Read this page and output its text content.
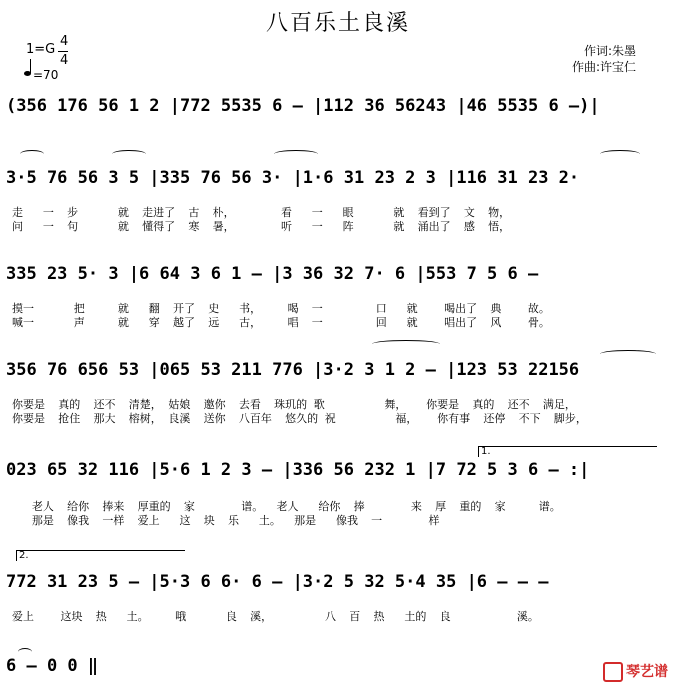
八百乐土良溪
1=G
4
4
=70
作词:朱墨
作曲:许宝仁
(356 176 56 1 2 |772 5535 6 – |112 36 56243 |46 5535 6 –)|
3·5 76 56 3 5 |335 76 56 3· |1·6 31 23 2 3 |116 31 23 2·
走   一  步      就  走进了  古  朴，       看   一   眼      就  看到了  文  物，
问   一  句      就  懂得了  寒  暑，       听   一   阵      就  涌出了  感  悟，
335 23 5· 3 |6 64 3 6 1 – |3 36 32 7· 6 |553 7 5 6 –
摸一      把     就   翻  开了  史   书，    喝  一        口   就    喝出了  典    故。
喊一      声     就   穿  越了  远   古，    唱  一        回   就    唱出了  风    骨。
356 76 656 53 |065 53 211 776 |3·2 3 1 2 – |123 53 22156
你要是  真的  还不  清楚， 姑娘  邀你  去看  珠玑的 歌         舞，   你要是  真的  还不  满足，
你要是  抢住  那大  榕树， 良溪  送你  八百年  悠久的 祝         福，   你有事  还停  不下  脚步，
1.
023 65 32 116 |5·6 1 2 3 – |336 56 232 1 |7 72 5 3 6 – :|
老人  给你  捧来  厚重的  家       谱。  老人   给你  捧       来  厚  重的  家     谱。
那是  像我  一样  爱上   这  块  乐   土。  那是   像我  一       样
2.
772 31 23 5 – |5·3 6 6· 6 – |3·2 5 32 5·4 35 |6 – – –
爱上    这块  热   土。    哦      良  溪，        八  百  热   土的  良          溪。
6 – 0 0 ‖	琴艺谱
